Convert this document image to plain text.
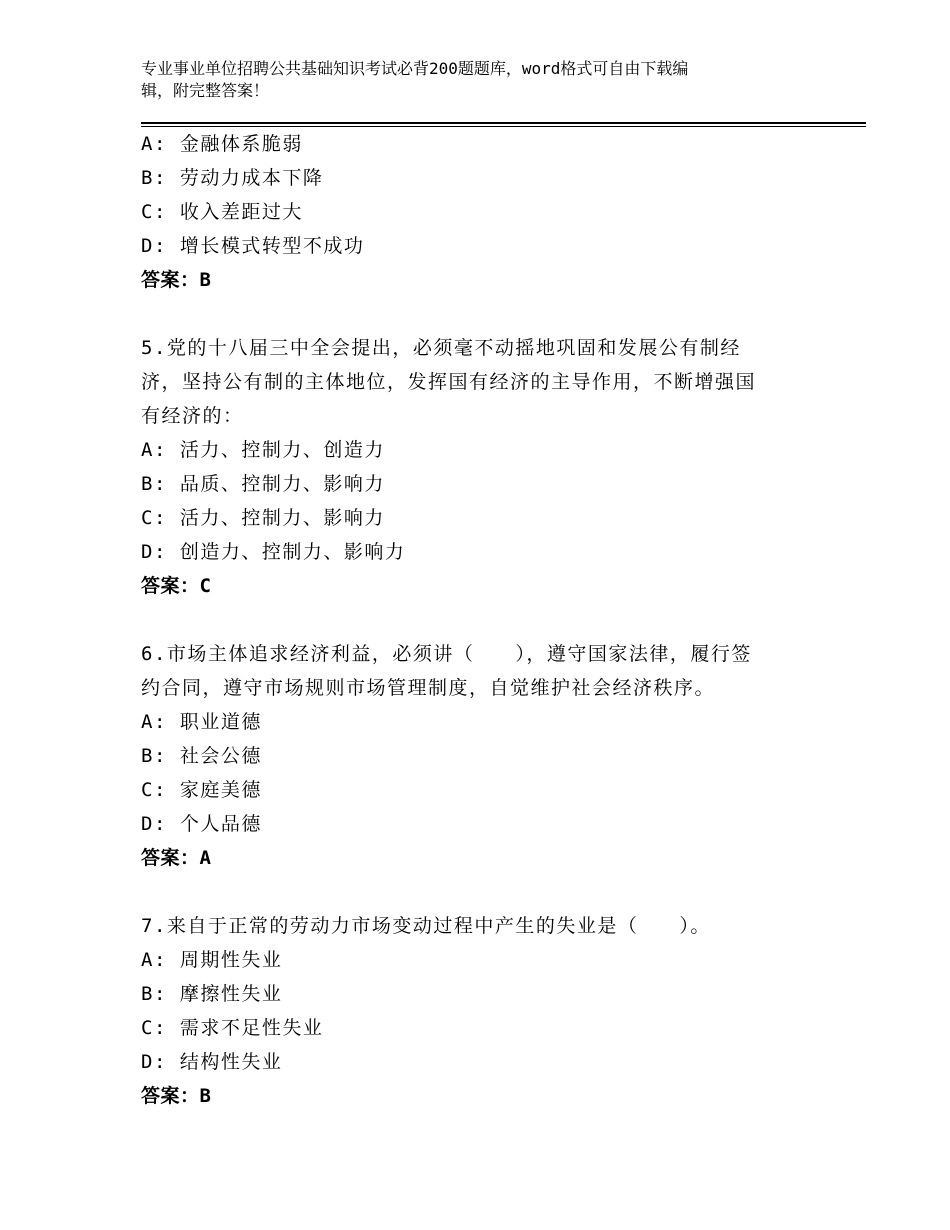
专业事业单位招聘公共基础知识考试必背200题题库，word格式可自由下载编
辑，附完整答案！
A: 金融体系脆弱
B: 劳动力成本下降
C: 收入差距过大
D: 增长模式转型不成功
答案：B
5.党的十八届三中全会提出，必须毫不动摇地巩固和发展公有制经
济，坚持公有制的主体地位，发挥国有经济的主导作用，不断增强国
有经济的：
A: 活力、控制力、创造力
B: 品质、控制力、影响力
C: 活力、控制力、影响力
D: 创造力、控制力、影响力
答案：C
6.市场主体追求经济利益，必须讲（　　），遵守国家法律，履行签
约合同，遵守市场规则市场管理制度，自觉维护社会经济秩序。
A: 职业道德
B: 社会公德
C: 家庭美德
D: 个人品德
答案：A
7.来自于正常的劳动力市场变动过程中产生的失业是（　　）。
A: 周期性失业
B: 摩擦性失业
C: 需求不足性失业
D: 结构性失业
答案：B
